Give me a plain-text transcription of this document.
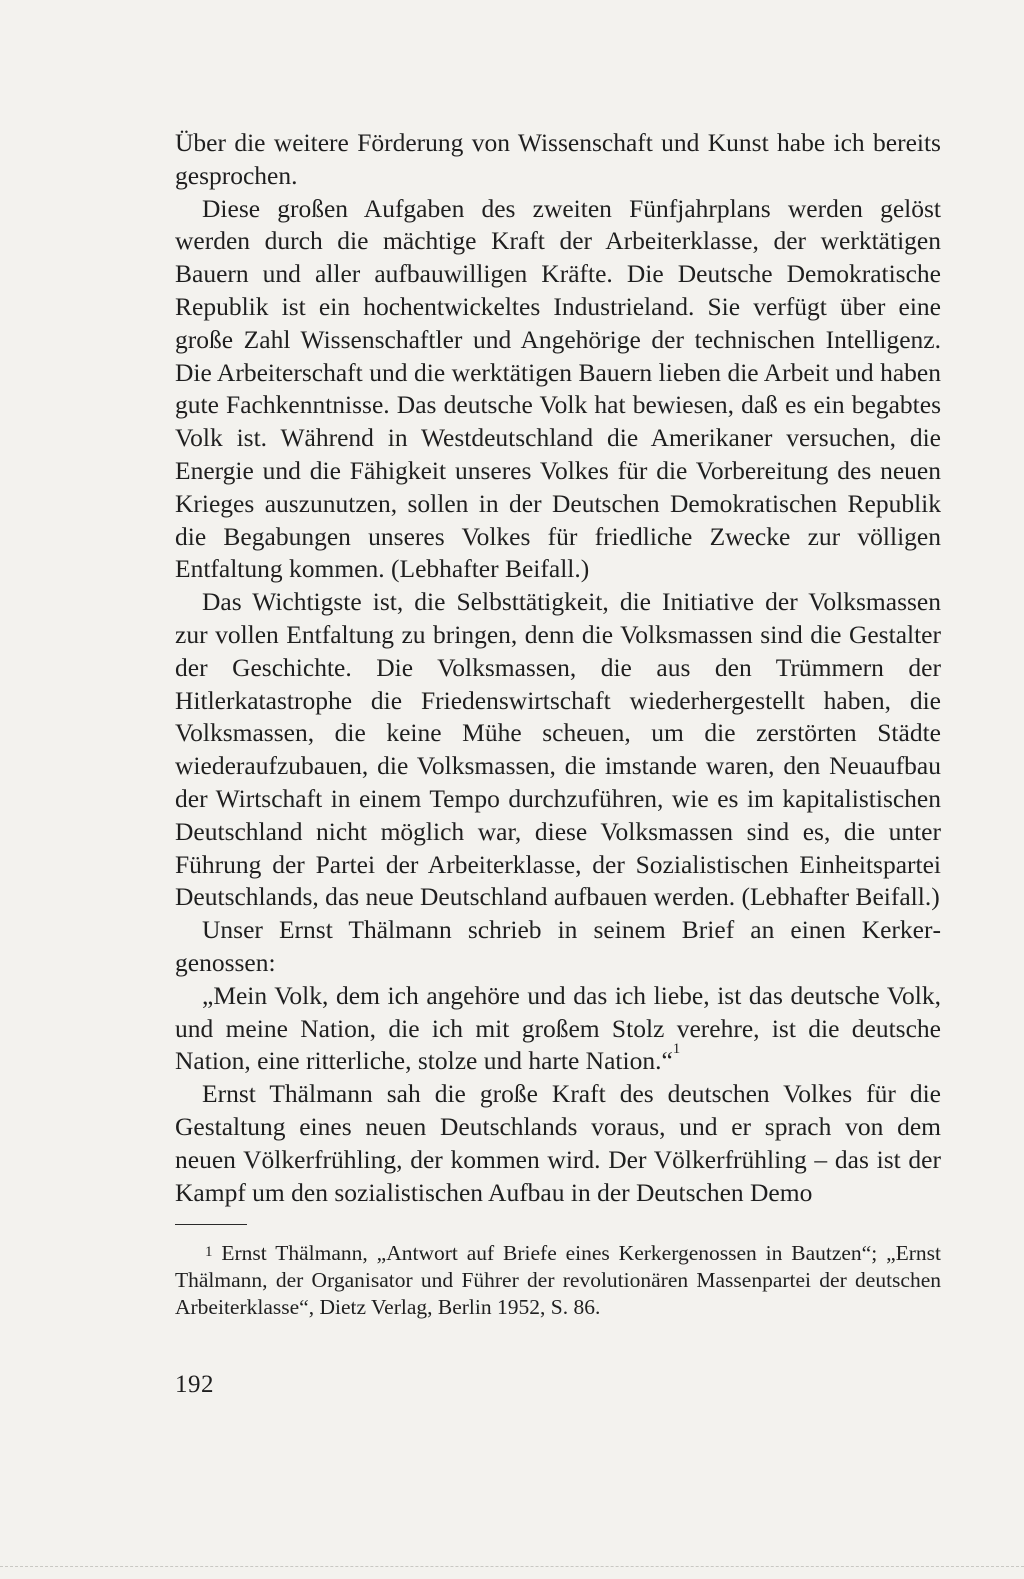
Über die weitere Förderung von Wissenschaft und Kunst habe ich bereits gesprochen.

Diese großen Aufgaben des zweiten Fünfjahrplans werden gelöst werden durch die mächtige Kraft der Arbeiterklasse, der werktätigen Bauern und aller aufbauwilligen Kräfte. Die Deutsche Demokratische Republik ist ein hochentwickeltes Industrieland. Sie verfügt über eine große Zahl Wissenschaftler und Angehörige der technischen Intelligenz. Die Arbeiterschaft und die werktätigen Bauern lieben die Arbeit und haben gute Fachkenntnisse. Das deutsche Volk hat bewiesen, daß es ein begabtes Volk ist. Während in Westdeutschland die Amerikaner versuchen, die Energie und die Fähigkeit unseres Volkes für die Vorbereitung des neuen Krieges auszunutzen, sollen in der Deutschen Demokratischen Republik die Begabungen unseres Volkes für friedliche Zwecke zur völligen Entfaltung kommen. (Lebhafter Beifall.)

Das Wichtigste ist, die Selbsttätigkeit, die Initiative der Volksmassen zur vollen Entfaltung zu bringen, denn die Volksmassen sind die Gestalter der Geschichte. Die Volksmassen, die aus den Trümmern der Hitlerkatastrophe die Friedenswirtschaft wiederhergestellt haben, die Volksmassen, die keine Mühe scheuen, um die zerstörten Städte wiederaufzubauen, die Volksmassen, die imstande waren, den Neuaufbau der Wirtschaft in einem Tempo durchzuführen, wie es im kapitalistischen Deutschland nicht möglich war, diese Volksmassen sind es, die unter Führung der Partei der Arbeiterklasse, der Sozialistischen Einheitspartei Deutschlands, das neue Deutschland aufbauen werden. (Lebhafter Beifall.)

Unser Ernst Thälmann schrieb in seinem Brief an einen Kerkergenossen:

„Mein Volk, dem ich angehöre und das ich liebe, ist das deutsche Volk, und meine Nation, die ich mit großem Stolz verehre, ist die deutsche Nation, eine ritterliche, stolze und harte Nation.“$^1$

Ernst Thälmann sah die große Kraft des deutschen Volkes für die Gestaltung eines neuen Deutschlands voraus, und er sprach von dem neuen Völkerfrühling, der kommen wird. Der Völkerfrühling – das ist der Kampf um den sozialistischen Aufbau in der Deutschen Demo

$^1$ Ernst Thälmann, „Antwort auf Briefe eines Kerkergenossen in Bautzen“; „Ernst Thälmann, der Organisator und Führer der revolutionären Massenpartei der deutschen Arbeiterklasse“, Dietz Verlag, Berlin 1952, S. 86.

192
